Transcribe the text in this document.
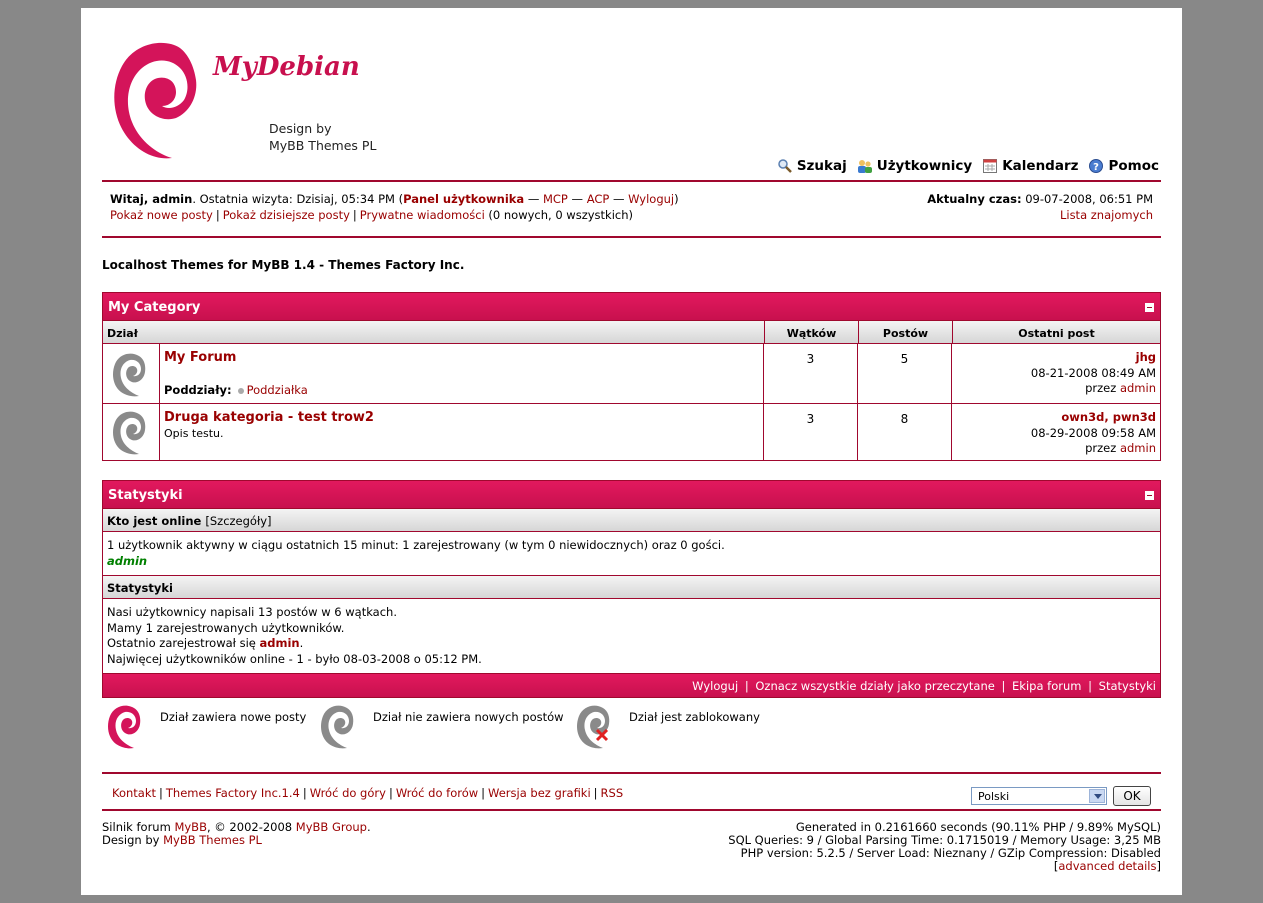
MyDebian
Design by
MyBB Themes PL
Szukaj Użytkownicy Kalendarz ? Pomoc
Witaj, admin. Ostatnia wizyta: Dzisiaj, 05:34 PM (Panel użytkownika — MCP — ACP — Wyloguj)
Pokaż nowe posty | Pokaż dzisiejsze posty | Prywatne wiadomości (0 nowych, 0 wszystkich)
Aktualny czas: 09-07-2008, 06:51 PM
Lista znajomych
Localhost Themes for MyBB 1.4 - Themes Factory Inc.
My Category
Dział	Wątków	Postów	Ostatni post
My Forum
Poddziały: Poddziałka
3	5	jhg
08-21-2008 08:49 AM
przez admin
Druga kategoria - test trow2
Opis testu.
3	8	own3d, pwn3d
08-29-2008 09:58 AM
przez admin
Statystyki
Kto jest online [Szczegóły]
1 użytkownik aktywny w ciągu ostatnich 15 minut: 1 zarejestrowany (w tym 0 niewidocznych) oraz 0 gości.
admin
Statystyki
Nasi użytkownicy napisali 13 postów w 6 wątkach.
Mamy 1 zarejestrowanych użytkowników.
Ostatnio zarejestrował się admin.
Najwięcej użytkowników online - 1 - było 08-03-2008 o 05:12 PM.
Wyloguj | Oznacz wszystkie działy jako przeczytane | Ekipa forum | Statystyki
Dział zawiera nowe posty	Dział nie zawiera nowych postów	Dział jest zablokowany
Kontakt | Themes Factory Inc.1.4 | Wróć do góry | Wróć do forów | Wersja bez grafiki | RSS	Polski	OK
Silnik forum MyBB, © 2002-2008 MyBB Group.
Design by MyBB Themes PL
Generated in 0.2161660 seconds (90.11% PHP / 9.89% MySQL)
SQL Queries: 9 / Global Parsing Time: 0.1715019 / Memory Usage: 3,25 MB
PHP version: 5.2.5 / Server Load: Nieznany / GZip Compression: Disabled
[advanced details]
